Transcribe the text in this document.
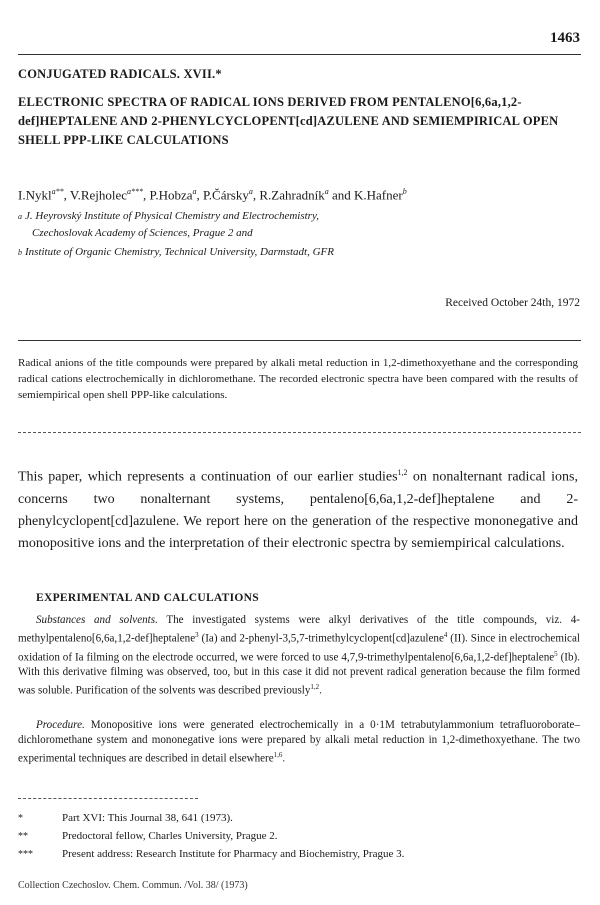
1463
CONJUGATED RADICALS. XVII.*
ELECTRONIC SPECTRA OF RADICAL IONS DERIVED FROM PENTALENO[6,6a,1,2-def]HEPTALENE AND 2-PHENYLCYCLOPENT[cd]AZULENE AND SEMIEMPIRICAL OPEN SHELL PPP-LIKE CALCULATIONS
I.Nykl$^{a**}$, V.Rejholec$^{a***}$, P.Hobza$^a$, P.Čársky$^a$, R.Zahradník$^a$ and K.Hafner$^b$
$^a$ J. Heyrovský Institute of Physical Chemistry and Electrochemistry,
Czechoslovak Academy of Sciences, Prague 2 and
$^b$ Institute of Organic Chemistry, Technical University, Darmstadt, GFR
Received October 24th, 1972
Radical anions of the title compounds were prepared by alkali metal reduction in 1,2-dimethoxyethane and the corresponding radical cations electrochemically in dichloromethane. The recorded electronic spectra have been compared with the results of semiempirical open shell PPP-like calculations.
This paper, which represents a continuation of our earlier studies$^{1,2}$ on nonalternant radical ions, concerns two nonalternant systems, pentaleno[6,6a,1,2-def]heptalene and 2-phenylcyclopent[cd]azulene. We report here on the generation of the respective mononegative and monopositive ions and the interpretation of their electronic spectra by semiempirical calculations.
EXPERIMENTAL AND CALCULATIONS
Substances and solvents. The investigated systems were alkyl derivatives of the title compounds, viz. 4-methylpentaleno[6,6a,1,2-def]heptalene$^3$ (Ia) and 2-phenyl-3,5,7-trimethylcyclopent[cd]azulene$^4$ (II). Since in electrochemical oxidation of Ia filming on the electrode occurred, we were forced to use 4,7,9-trimethylpentaleno[6,6a,1,2-def]heptalene$^5$ (Ib). With this derivative filming was observed, too, but in this case it did not prevent radical generation because the film formed was soluble. Purification of the solvents was described previously$^{1,2}$.
Procedure. Monopositive ions were generated electrochemically in a 0·1M tetrabutylammonium tetrafluoroborate–dichloromethane system and mononegative ions were prepared by alkali metal reduction in 1,2-dimethoxyethane. The two experimental techniques are described in detail elsewhere$^{1,6}$.
*	Part XVI: This Journal 38, 641 (1973).
**	Predoctoral fellow, Charles University, Prague 2.
***	Present address: Research Institute for Pharmacy and Biochemistry, Prague 3.
Collection Czechoslov. Chem. Commun. /Vol. 38/ (1973)
